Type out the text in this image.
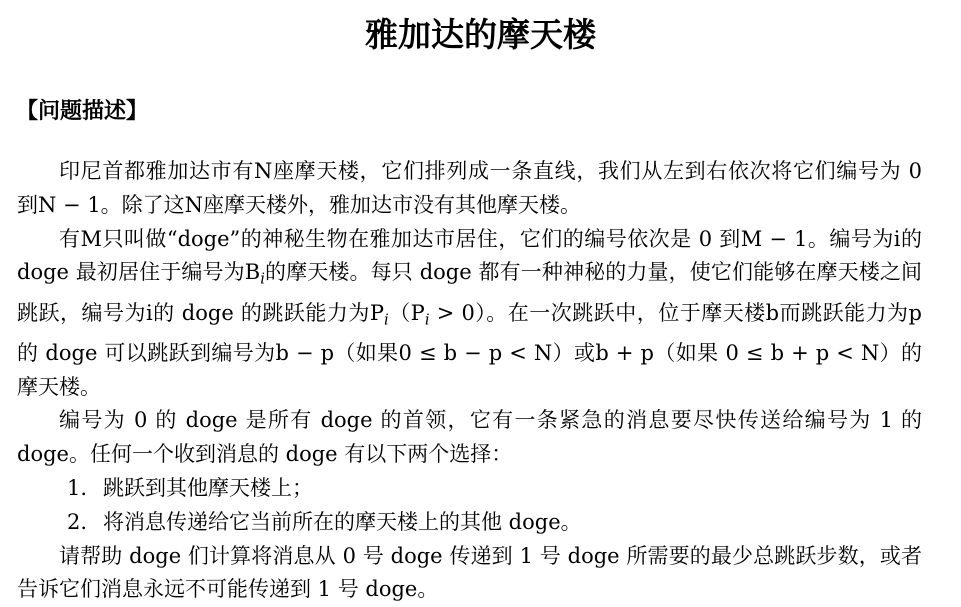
雅加达的摩天楼
【问题描述】

印尼首都雅加达市有N座摩天楼，它们排列成一条直线，我们从左到右依次将它们编号为 0 到N − 1。除了这N座摩天楼外，雅加达市没有其他摩天楼。

有M只叫做“doge”的神秘生物在雅加达市居住，它们的编号依次是 0 到M − 1。编号为i的 doge 最初居住于编号为$B_i$的摩天楼。每只 doge 都有一种神秘的力量，使它们能够在摩天楼之间跳跃，编号为i的 doge 的跳跃能力为$P_i(P_i > 0)$。在一次跳跃中，位于摩天楼b而跳跃能力为p的 doge 可以跳跃到编号为b − p（如果0 ≤ b − p < N）或b + p（如果 0 ≤ b + p < N）的摩天楼。

编号为 0 的 doge 是所有 doge 的首领，它有一条紧急的消息要尽快传送给编号为 1 的 doge。任何一个收到消息的 doge 有以下两个选择：

1. 跳跃到其他摩天楼上；

2. 将消息传递给它当前所在的摩天楼上的其他 doge。

请帮助 doge 们计算将消息从 0 号 doge 传递到 1 号 doge 所需要的最少总跳跃步数，或者告诉它们消息永远不可能传递到 1 号 doge。
